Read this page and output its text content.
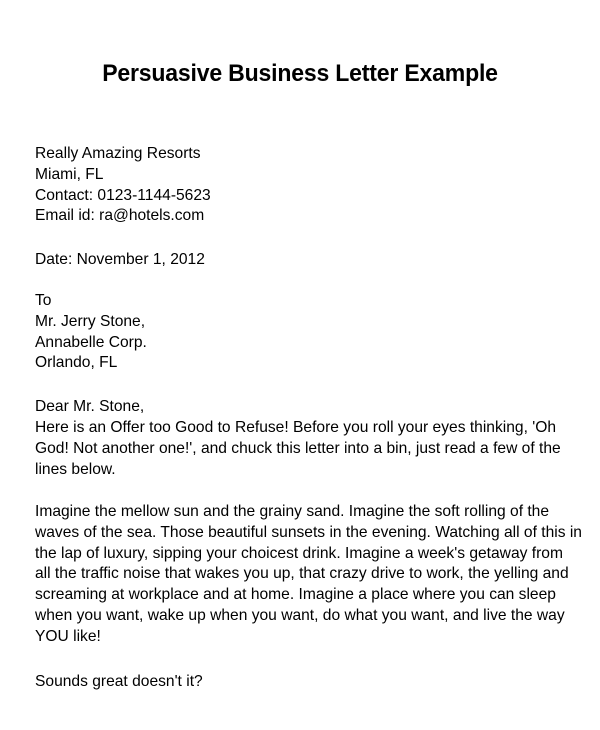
Persuasive Business Letter Example
Really Amazing Resorts
Miami, FL
Contact: 0123-1144-5623
Email id: ra@hotels.com
Date: November 1, 2012
To
Mr. Jerry Stone,
Annabelle Corp.
Orlando, FL
Dear Mr. Stone,
Here is an Offer too Good to Refuse! Before you roll your eyes thinking, 'Oh
God! Not another one!', and chuck this letter into a bin, just read a few of the
lines below.
Imagine the mellow sun and the grainy sand. Imagine the soft rolling of the
waves of the sea. Those beautiful sunsets in the evening. Watching all of this in
the lap of luxury, sipping your choicest drink. Imagine a week's getaway from
all the traffic noise that wakes you up, that crazy drive to work, the yelling and
screaming at workplace and at home. Imagine a place where you can sleep
when you want, wake up when you want, do what you want, and live the way
YOU like!
Sounds great doesn't it?
